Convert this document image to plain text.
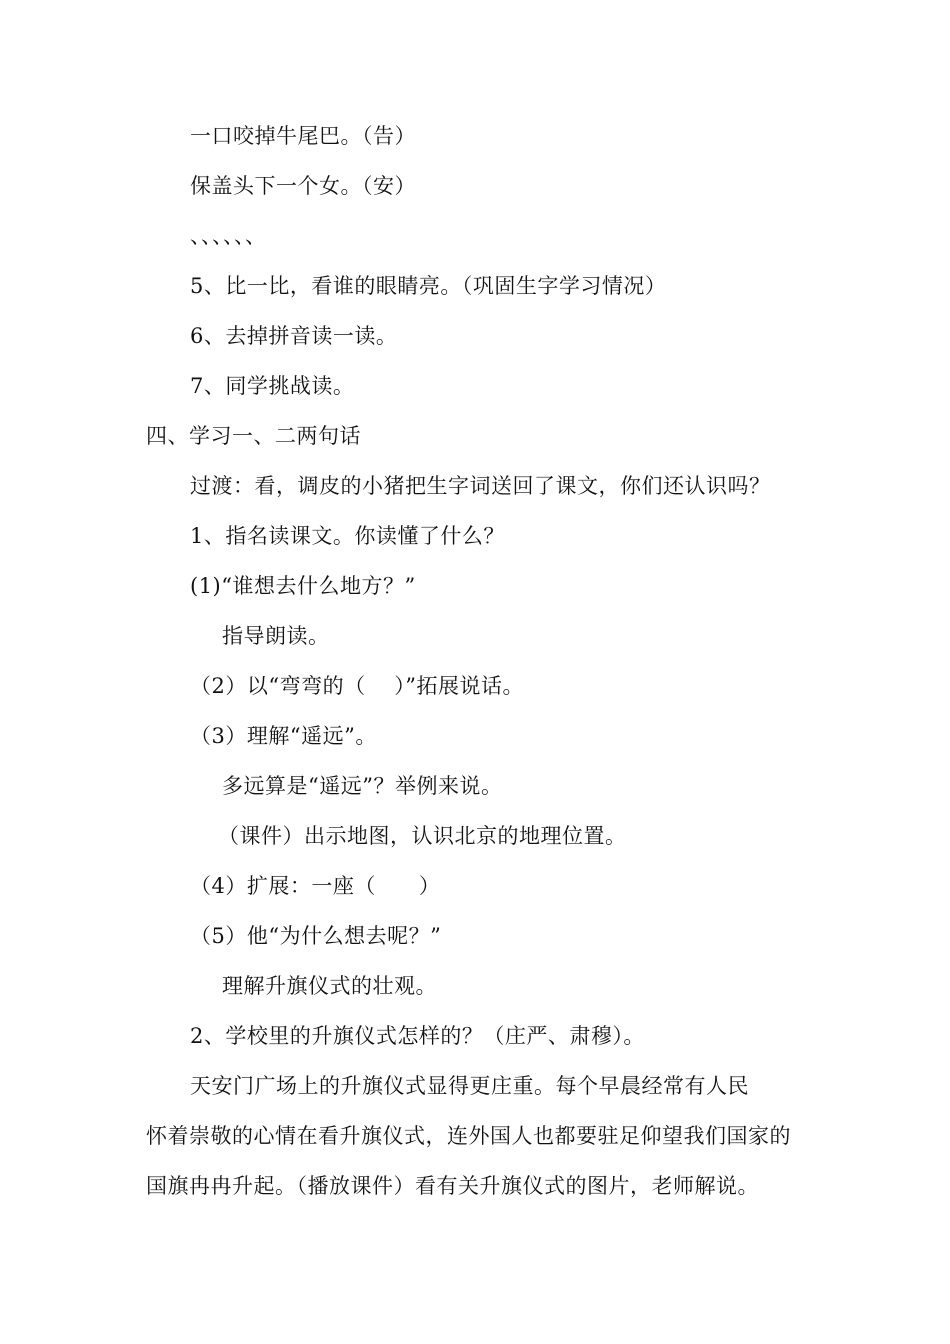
一口咬掉牛尾巴。（告）
保盖头下一个女。（安）
、、、、、、
5、比一比，看谁的眼睛亮。（巩固生字学习情况）
6、去掉拼音读一读。
7、同学挑战读。
四、学习一、二两句话
过渡：看，调皮的小猪把生字词送回了课文，你们还认识吗？
1、指名读课文。你读懂了什么？
(1)“谁想去什么地方？”
指导朗读。
（2）以“弯弯的（　 ）”拓展说话。
（3）理解“遥远”。
多远算是“遥远”？举例来说。
（课件）出示地图，认识北京的地理位置。
（4）扩展：一座（　　）
（5）他“为什么想去呢？”
理解升旗仪式的壮观。
2、学校里的升旗仪式怎样的？（庄严、肃穆）。
天安门广场上的升旗仪式显得更庄重。每个早晨经常有人民
怀着崇敬的心情在看升旗仪式，连外国人也都要驻足仰望我们国家的
国旗冉冉升起。（播放课件）看有关升旗仪式的图片，老师解说。
